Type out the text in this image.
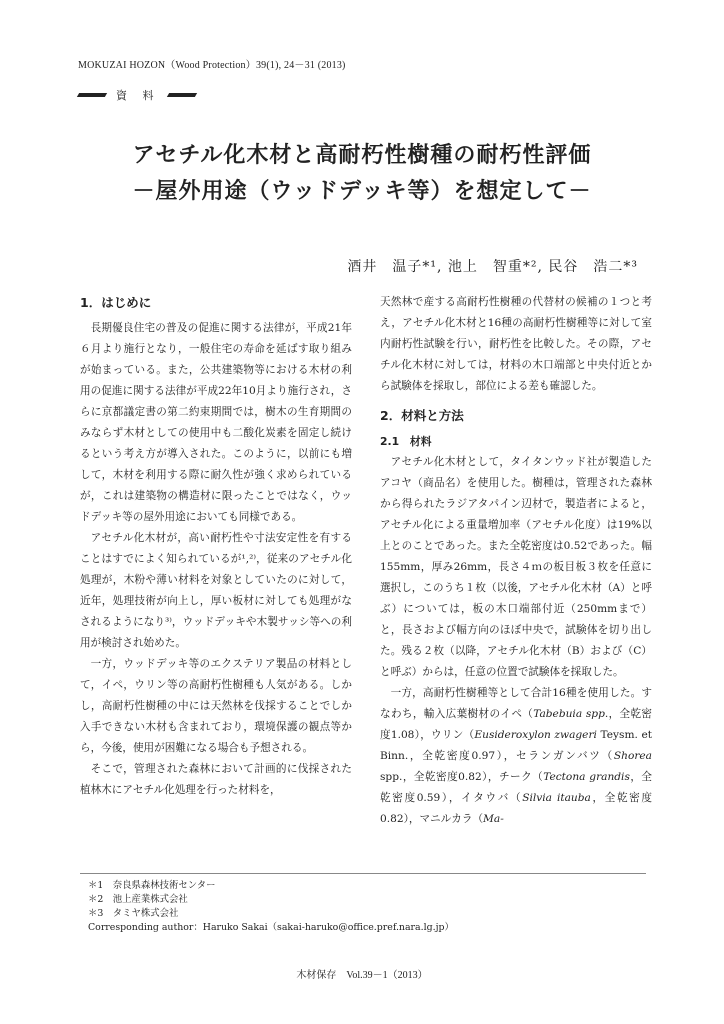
MOKUZAI HOZON（Wood Protection）39(1), 24－31 (2013)
資 料
アセチル化木材と高耐朽性樹種の耐朽性評価
－屋外用途（ウッドデッキ等）を想定して－
酒井　温子*¹, 池上　智重*², 民谷　浩二*³
1．はじめに

長期優良住宅の普及の促進に関する法律が，平成21年６月より施行となり，一般住宅の寿命を延ばす取り組みが始まっている。また，公共建築物等における木材の利用の促進に関する法律が平成22年10月より施行され，さらに京都議定書の第二約束期間では，樹木の生育期間のみならず木材としての使用中も二酸化炭素を固定し続けるという考え方が導入された。このように，以前にも増して，木材を利用する際に耐久性が強く求められているが，これは建築物の構造材に限ったことではなく，ウッドデッキ等の屋外用途においても同様である。

アセチル化木材が，高い耐朽性や寸法安定性を有することはすでによく知られているが¹,²⁾，従来のアセチル化処理が，木粉や薄い材料を対象としていたのに対して，近年，処理技術が向上し，厚い板材に対しても処理がなされるようになり³⁾，ウッドデッキや木製サッシ等への利用が検討され始めた。

一方，ウッドデッキ等のエクステリア製品の材料として，イペ，ウリン等の高耐朽性樹種も人気がある。しかし，高耐朽性樹種の中には天然林を伐採することでしか入手できない木材も含まれており，環境保護の観点等から，今後，使用が困難になる場合も予想される。

そこで，管理された森林において計画的に伐採された植林木にアセチル化処理を行った材料を，

天然林で産する高耐朽性樹種の代替材の候補の１つと考え，アセチル化木材と16種の高耐朽性樹種等に対して室内耐朽性試験を行い，耐朽性を比較した。その際，アセチル化木材に対しては，材料の木口端部と中央付近とから試験体を採取し，部位による差も確認した。

2．材料と方法
2.1　材料

アセチル化木材として，タイタンウッド社が製造したアコヤ（商品名）を使用した。樹種は，管理された森林から得られたラジアタパイン辺材で，製造者によると，アセチル化による重量増加率（アセチル化度）は19%以上とのことであった。また全乾密度は0.52であった。幅155mm，厚み26mm，長さ４ｍの板目板３枚を任意に選択し，このうち１枚（以後，アセチル化木材（A）と呼ぶ）については，板の木口端部付近（250mmまで）と，長さおよび幅方向のほぼ中央で，試験体を切り出した。残る２枚（以降，アセチル化木材（B）および（C）と呼ぶ）からは，任意の位置で試験体を採取した。

一方，高耐朽性樹種等として合計16種を使用した。すなわち，輸入広葉樹材のイペ（Tabebuia spp.，全乾密度1.08），ウリン（Eusideroxylon zwageri Teysm. et Binn.，全乾密度0.97），セランガンバツ（Shorea spp.，全乾密度0.82），チーク（Tectona grandis，全乾密度0.59），イタウバ（Silvia itauba，全乾密度0.82），マニルカラ（Ma-

＊1　奈良県森林技術センター
＊2　池上産業株式会社
＊3　タミヤ株式会社
Corresponding author：Haruko Sakai（sakai-haruko@office.pref.nara.lg.jp）
木材保存　Vol.39－1（2013）
